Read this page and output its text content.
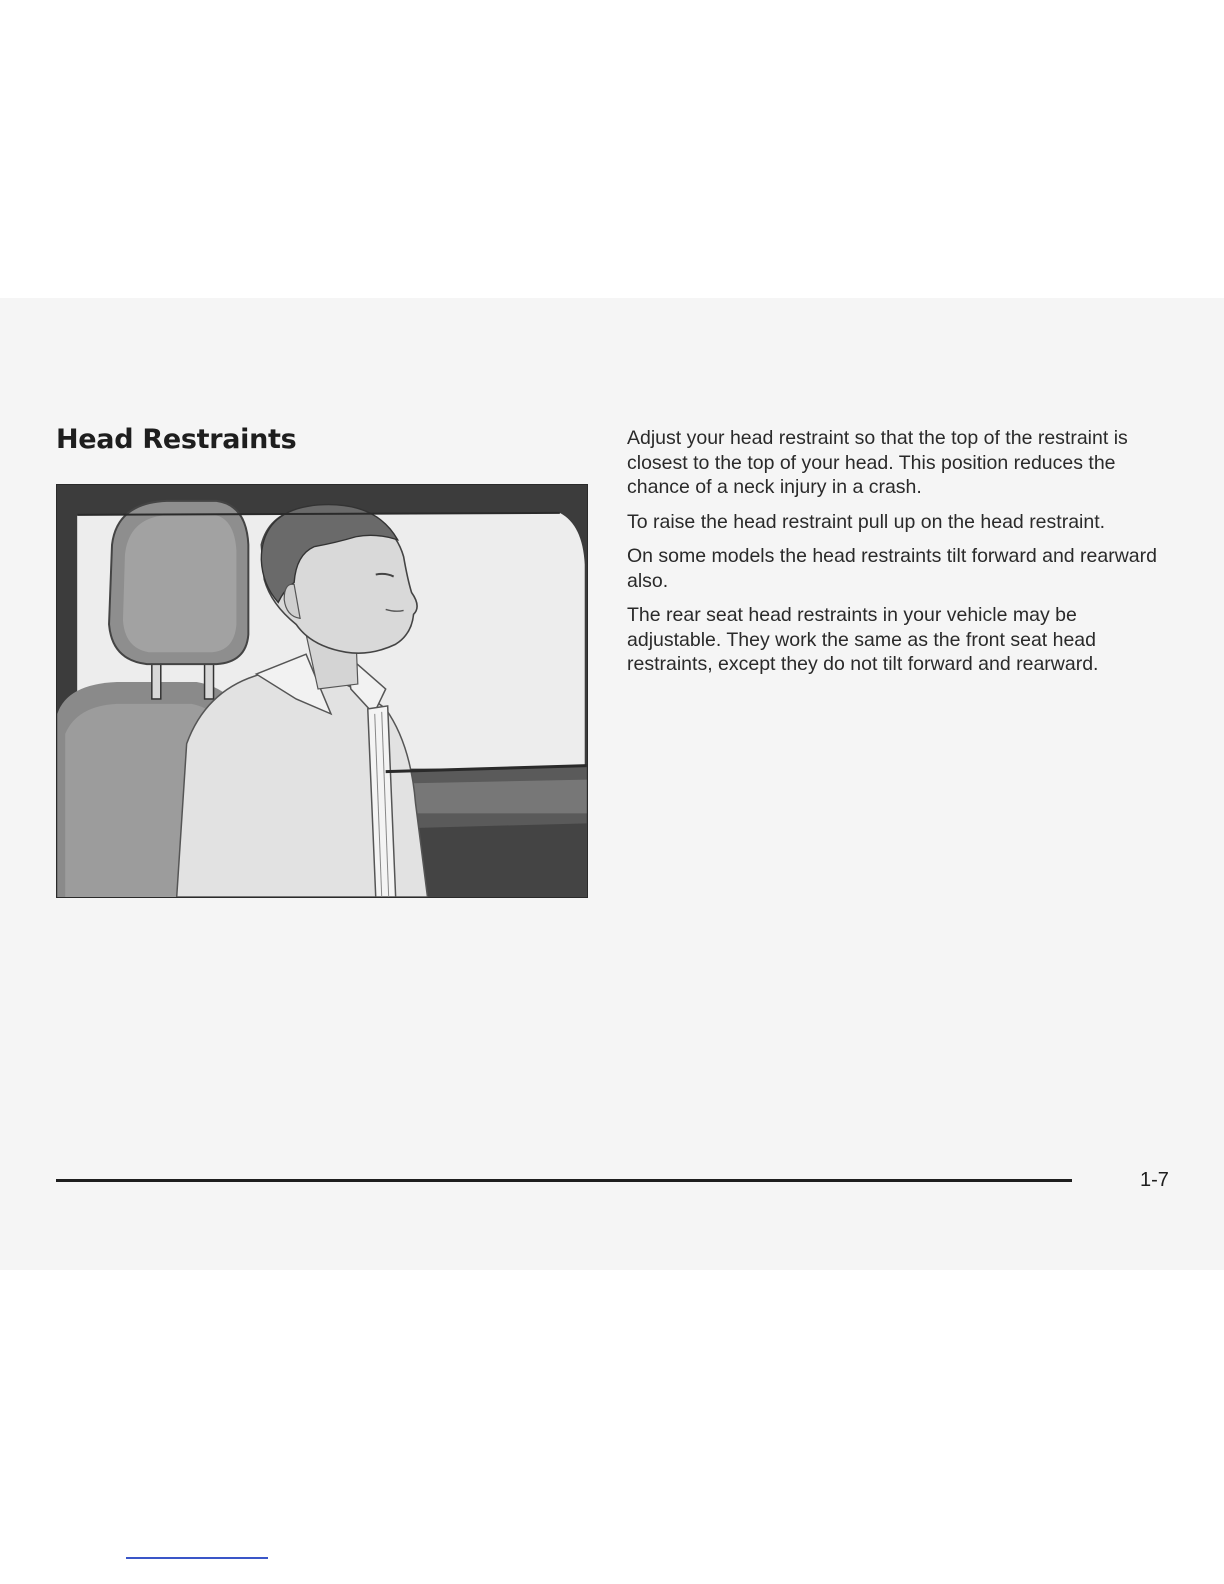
Head Restraints	Adjust your head restraint so that the top of the restraint is closest to the top of your head. This position reduces the chance of a neck injury in a crash.

To raise the head restraint pull up on the head restraint.

On some models the head restraints tilt forward and rearward also.

The rear seat head restraints in your vehicle may be adjustable. They work the same as the front seat head restraints, except they do not tilt forward and rearward.

1-7
